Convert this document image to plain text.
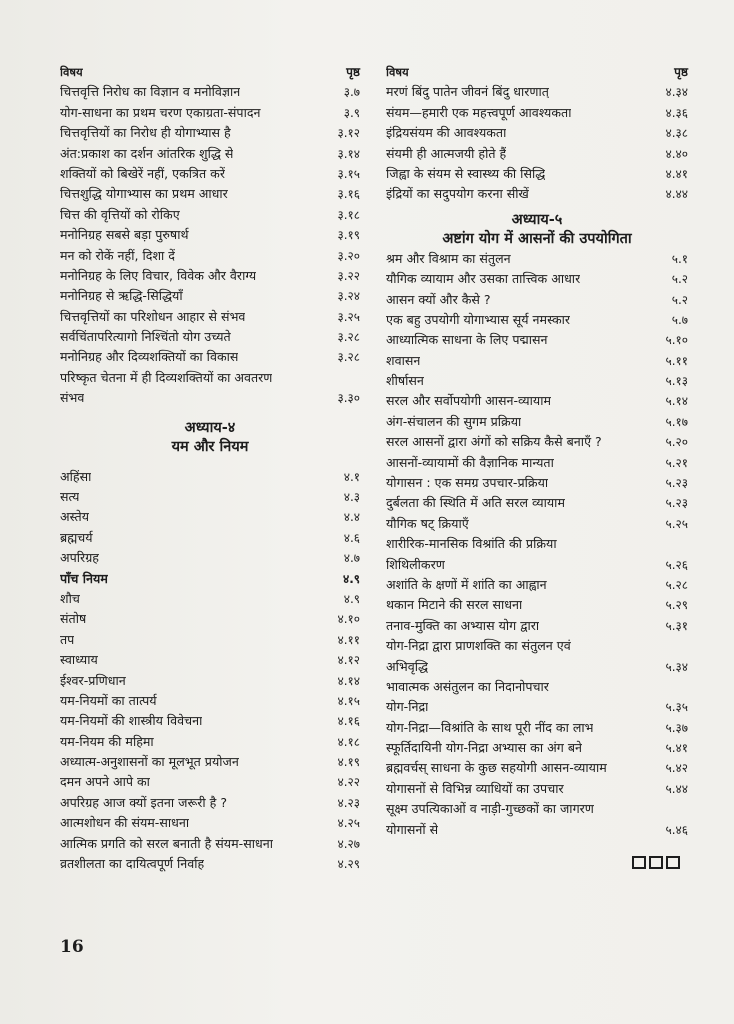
विषय	पृष्ठ
चित्तवृत्ति निरोध का विज्ञान व मनोविज्ञान	३.७
योग-साधना का प्रथम चरण एकाग्रता-संपादन	३.९
चित्तवृत्तियों का निरोध ही योगाभ्यास है	३.१२
अंत:प्रकाश का दर्शन आंतरिक शुद्धि से	३.१४
शक्तियों को बिखेरें नहीं, एकत्रित करें	३.१५
चित्तशुद्धि योगाभ्यास का प्रथम आधार	३.१६
चित्त की वृत्तियों को रोकिए	३.१८
मनोनिग्रह सबसे बड़ा पुरुषार्थ	३.१९
मन को रोकें नहीं, दिशा दें	३.२०
मनोनिग्रह के लिए विचार, विवेक और वैराग्य	३.२२
मनोनिग्रह से ऋद्धि-सिद्धियाँ	३.२४
चित्तवृत्तियों का परिशोधन आहार से संभव	३.२५
सर्वचिंतापरित्यागो निश्चिंतो योग उच्यते	३.२८
मनोनिग्रह और दिव्यशक्तियों का विकास	३.२८
परिष्कृत चेतना में ही दिव्यशक्तियों का अवतरण
संभव	३.३०
अध्याय-४
यम और नियम
अहिंसा	४.१
सत्य	४.३
अस्तेय	४.४
ब्रह्मचर्य	४.६
अपरिग्रह	४.७
पाँच नियम	४.९
शौच	४.९
संतोष	४.१०
तप	४.११
स्वाध्याय	४.१२
ईश्वर-प्रणिधान	४.१४
यम-नियमों का तात्पर्य	४.१५
यम-नियमों की शास्त्रीय विवेचना	४.१६
यम-नियम की महिमा	४.१८
अध्यात्म-अनुशासनों का मूलभूत प्रयोजन	४.१९
दमन अपने आपे का	४.२२
अपरिग्रह आज क्यों इतना जरूरी है ?	४.२३
आत्मशोधन की संयम-साधना	४.२५
आत्मिक प्रगति को सरल बनाती है संयम-साधना	४.२७
व्रतशीलता का दायित्वपूर्ण निर्वाह	४.२९
विषय	पृष्ठ
मरणं बिंदु पातेन जीवनं बिंदु धारणात्	४.३४
संयम—हमारी एक महत्त्वपूर्ण आवश्यकता	४.३६
इंद्रियसंयम की आवश्यकता	४.३८
संयमी ही आत्मजयी होते हैं	४.४०
जिह्वा के संयम से स्वास्थ्य की सिद्धि	४.४१
इंद्रियों का सदुपयोग करना सीखें	४.४४
अध्याय-५
अष्टांग योग में आसनों की उपयोगिता
श्रम और विश्राम का संतुलन	५.१
यौगिक व्यायाम और उसका तात्त्विक आधार	५.२
आसन क्यों और कैसे ?	५.२
एक बहु उपयोगी योगाभ्यास सूर्य नमस्कार	५.७
आध्यात्मिक साधना के लिए पद्मासन	५.१०
शवासन	५.११
शीर्षासन	५.१३
सरल और सर्वोपयोगी आसन-व्यायाम	५.१४
अंग-संचालन की सुगम प्रक्रिया	५.१७
सरल आसनों द्वारा अंगों को सक्रिय कैसे बनाएँ ?	५.२०
आसनों-व्यायामों की वैज्ञानिक मान्यता	५.२१
योगासन : एक समग्र उपचार-प्रक्रिया	५.२३
दुर्बलता की स्थिति में अति सरल व्यायाम	५.२३
यौगिक षट् क्रियाएँ	५.२५
शारीरिक-मानसिक विश्रांति की प्रक्रिया
शिथिलीकरण	५.२६
अशांति के क्षणों में शांति का आह्वान	५.२८
थकान मिटाने की सरल साधना	५.२९
तनाव-मुक्ति का अभ्यास योग द्वारा	५.३१
योग-निद्रा द्वारा प्राणशक्ति का संतुलन एवं
अभिवृद्धि	५.३४
भावात्मक असंतुलन का निदानोपचार
योग-निद्रा	५.३५
योग-निद्रा—विश्रांति के साथ पूरी नींद का लाभ	५.३७
स्फूर्तिदायिनी योग-निद्रा अभ्यास का अंग बने	५.४१
ब्रह्मवर्चस् साधना के कुछ सहयोगी आसन-व्यायाम	५.४२
योगासनों से विभिन्न व्याधियों का उपचार	५.४४
सूक्ष्म उपत्यिकाओं व नाड़ी-गुच्छकों का जागरण
योगासनों से	५.४६
16
